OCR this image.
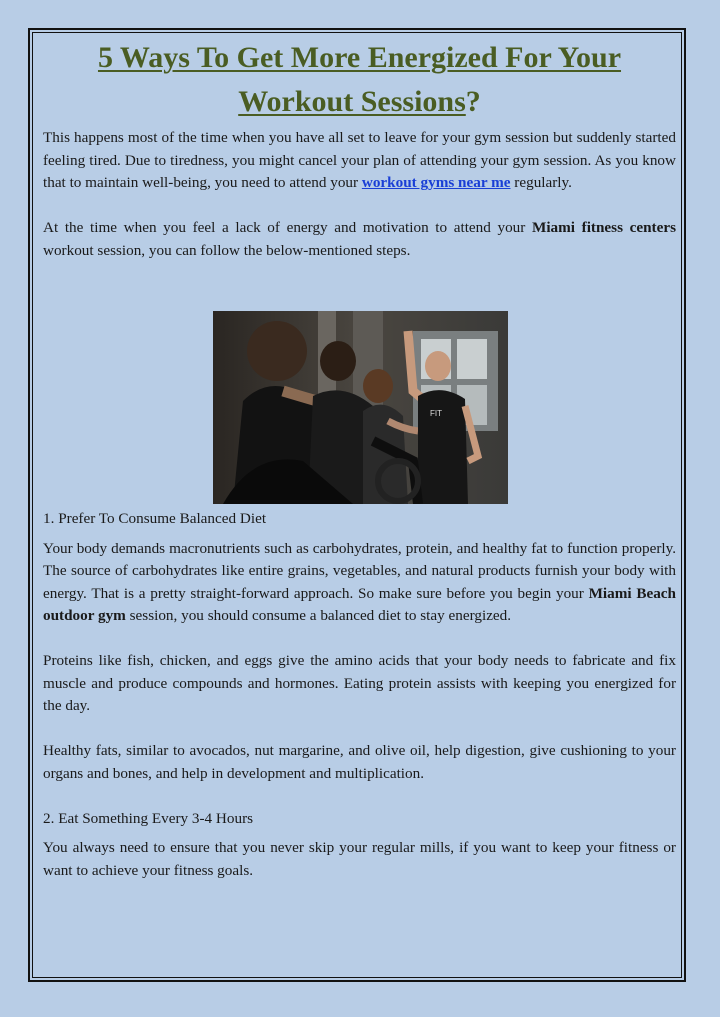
5 Ways To Get More Energized For Your
Workout Sessions?

This happens most of the time when you have all set to leave for your gym session but suddenly started feeling tired. Due to tiredness, you might cancel your plan of attending your gym session. As you know that to maintain well-being, you need to attend your workout gyms near me regularly.

At the time when you feel a lack of energy and motivation to attend your Miami fitness centers workout session, you can follow the below-mentioned steps.

1. Prefer To Consume Balanced Diet

Your body demands macronutrients such as carbohydrates, protein, and healthy fat to function properly. The source of carbohydrates like entire grains, vegetables, and natural products furnish your body with energy. That is a pretty straight-forward approach. So make sure before you begin your Miami Beach outdoor gym session, you should consume a balanced diet to stay energized.

Proteins like fish, chicken, and eggs give the amino acids that your body needs to fabricate and fix muscle and produce compounds and hormones. Eating protein assists with keeping you energized for the day.

Healthy fats, similar to avocados, nut margarine, and olive oil, help digestion, give cushioning to your organs and bones, and help in development and multiplication.

2. Eat Something Every 3-4 Hours

You always need to ensure that you never skip your regular mills, if you want to keep your fitness or want to achieve your fitness goals.

FIT
